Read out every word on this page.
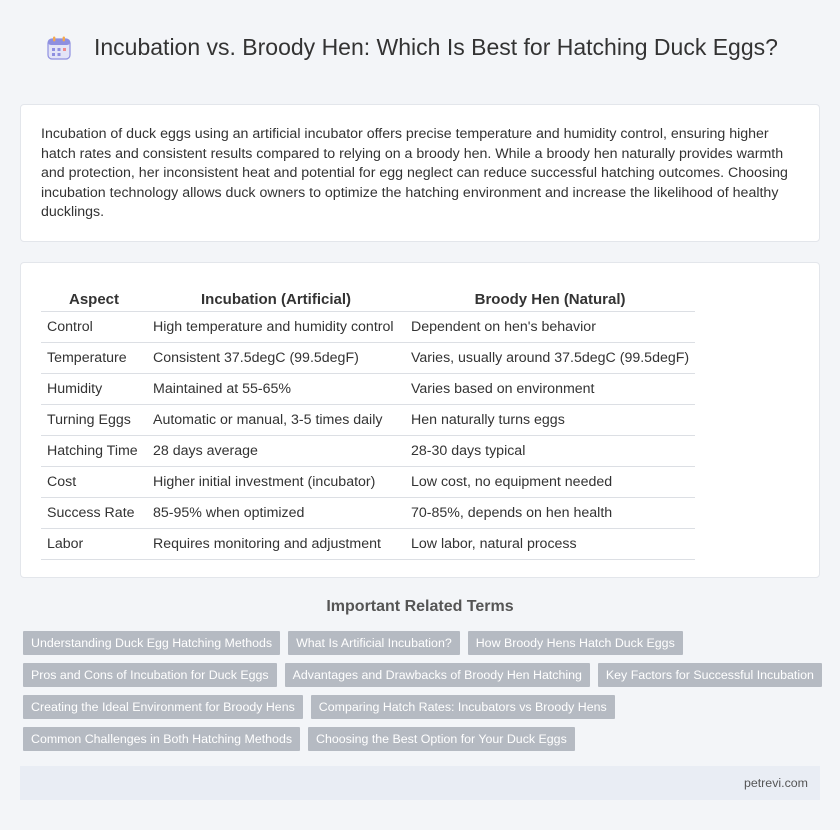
Incubation vs. Broody Hen: Which Is Best for Hatching Duck Eggs?

Incubation of duck eggs using an artificial incubator offers precise temperature and humidity control, ensuring higher hatch rates and consistent results compared to relying on a broody hen. While a broody hen naturally provides warmth and protection, her inconsistent heat and potential for egg neglect can reduce successful hatching outcomes. Choosing incubation technology allows duck owners to optimize the hatching environment and increase the likelihood of healthy ducklings.

Aspect	Incubation (Artificial)	Broody Hen (Natural)
Control	High temperature and humidity control	Dependent on hen's behavior
Temperature	Consistent 37.5degC (99.5degF)	Varies, usually around 37.5degC (99.5degF)
Humidity	Maintained at 55-65%	Varies based on environment
Turning Eggs	Automatic or manual, 3-5 times daily	Hen naturally turns eggs
Hatching Time	28 days average	28-30 days typical
Cost	Higher initial investment (incubator)	Low cost, no equipment needed
Success Rate	85-95% when optimized	70-85%, depends on hen health
Labor	Requires monitoring and adjustment	Low labor, natural process
Important Related Terms
Understanding Duck Egg Hatching Methods	What Is Artificial Incubation?	How Broody Hens Hatch Duck Eggs
Pros and Cons of Incubation for Duck Eggs	Advantages and Drawbacks of Broody Hen Hatching	Key Factors for Successful Incubation
Creating the Ideal Environment for Broody Hens	Comparing Hatch Rates: Incubators vs Broody Hens
Common Challenges in Both Hatching Methods	Choosing the Best Option for Your Duck Eggs
petrevi.com
